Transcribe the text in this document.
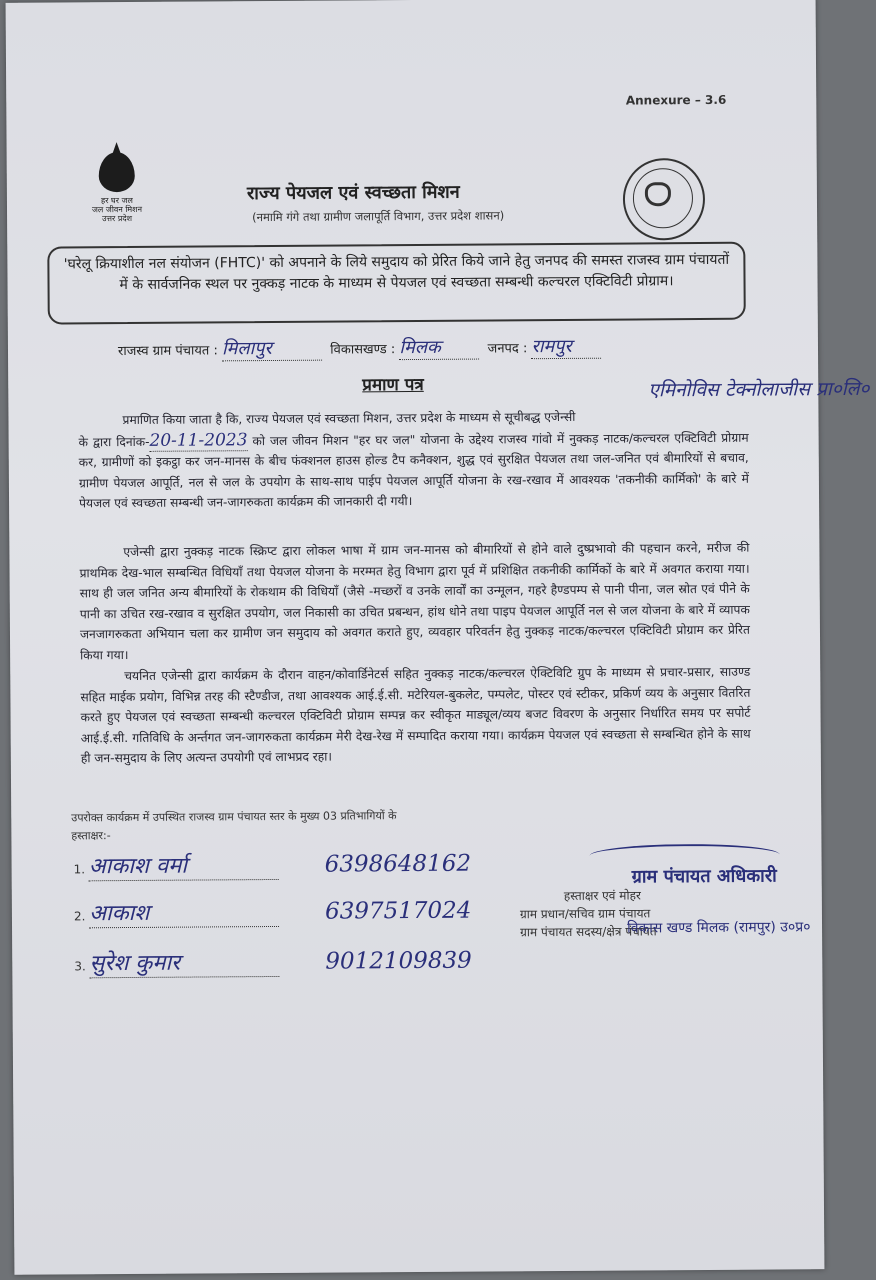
Annexure – 3.6
हर घर जल
जल जीवन मिशन
उत्तर प्रदेश
राज्य पेयजल एवं स्वच्छता मिशन
(नमामि गंगे तथा ग्रामीण जलापूर्ति विभाग, उत्तर प्रदेश शासन)
'घरेलू क्रियाशील नल संयोजन (FHTC)' को अपनाने के लिये समुदाय को प्रेरित किये जाने हेतु जनपद की समस्त राजस्व ग्राम पंचायतों में के सार्वजनिक स्थल पर नुक्कड़ नाटक के माध्यम से पेयजल एवं स्वच्छता सम्बन्धी कल्चरल एक्टिविटी प्रोग्राम।
राजस्व ग्राम पंचायत : मिलापुर	विकासखण्ड : मिलक	जनपद : रामपुर
प्रमाण पत्र	एमिनोविस टेक्नोलाजीस प्रा०लि०
प्रमाणित किया जाता है कि, राज्य पेयजल एवं स्वच्छता मिशन, उत्तर प्रदेश के माध्यम से सूचीबद्ध एजेन्सी
के द्वारा दिनांक-20-11-2023 को जल जीवन मिशन "हर घर जल" योजना के उद्देश्य राजस्व गांवो में नुक्कड़ नाटक/कल्चरल एक्टिविटी प्रोग्राम कर, ग्रामीणों को इकट्ठा कर जन-मानस के बीच फंक्शनल हाउस होल्ड टैप कनैक्शन, शुद्ध एवं सुरक्षित पेयजल तथा जल-जनित एवं बीमारियों से बचाव, ग्रामीण पेयजल आपूर्ति, नल से जल के उपयोग के साथ-साथ पाईप पेयजल आपूर्ति योजना के रख-रखाव में आवश्यक 'तकनीकी कार्मिको' के बारे में पेयजल एवं स्वच्छता सम्बन्धी जन-जागरुकता कार्यक्रम की जानकारी दी गयी।
एजेन्सी द्वारा नुक्कड़ नाटक स्क्रिप्ट द्वारा लोकल भाषा में ग्राम जन-मानस को बीमारियों से होने वाले दुष्प्रभावो की पहचान करने, मरीज की प्राथमिक देख-भाल सम्बन्धित विधियाँ तथा पेयजल योजना के मरम्मत हेतु विभाग द्वारा पूर्व में प्रशिक्षित तकनीकी कार्मिकों के बारे में अवगत कराया गया। साथ ही जल जनित अन्य बीमारियों के रोकथाम की विधियाँ (जैसे -मच्छरों व उनके लार्वों का उन्मूलन, गहरे हैण्डपम्प से पानी पीना, जल स्रोत एवं पीने के पानी का उचित रख-रखाव व सुरक्षित उपयोग, जल निकासी का उचित प्रबन्धन, हांथ धोने तथा पाइप पेयजल आपूर्ति नल से जल योजना के बारे में व्यापक जनजागरुकता अभियान चला कर ग्रामीण जन समुदाय को अवगत कराते हुए, व्यवहार परिवर्तन हेतु नुक्कड़ नाटक/कल्चरल एक्टिविटी प्रोग्राम कर प्रेरित किया गया।
चयनित एजेन्सी द्वारा कार्यक्रम के दौरान वाहन/कोवार्डिनेटर्स सहित नुक्कड़ नाटक/कल्चरल ऐक्टिविटि ग्रुप के माध्यम से प्रचार-प्रसार, साउण्ड सहित माईक प्रयोग, विभिन्न तरह की स्टैण्डीज, तथा आवश्यक आई.ई.सी. मटेरियल-बुकलेट, पम्पलेट, पोस्टर एवं स्टीकर, प्रकिर्ण व्यय के अनुसार वितरित करते हुए पेयजल एवं स्वच्छता सम्बन्धी कल्चरल एक्टिविटी प्रोग्राम सम्पन्न कर स्वीकृत माड्यूल/व्यय बजट विवरण के अनुसार निर्धारित समय पर सपोर्ट आई.ई.सी. गतिविधि के अर्न्तगत जन-जागरुकता कार्यक्रम मेरी देख-रेख में सम्पादित कराया गया। कार्यक्रम पेयजल एवं स्वच्छता से सम्बन्धित होने के साथ ही जन-समुदाय के लिए अत्यन्त उपयोगी एवं लाभप्रद रहा।
उपरोक्त कार्यक्रम में उपस्थित राजस्व ग्राम पंचायत स्तर के मुख्य 03 प्रतिभागियों के
हस्ताक्षर:-
1. आकाश वर्मा	6398648162
2. आकाश	6397517024
3. सुरेश कुमार	9012109839
ग्राम पंचायत अधिकारी
हस्ताक्षर एवं मोहर
ग्राम प्रधान/सचिव ग्राम पंचायत
ग्राम पंचायत सदस्य/क्षेत्र पंचायत
विकास खण्ड मिलक (रामपुर) उ०प्र०
